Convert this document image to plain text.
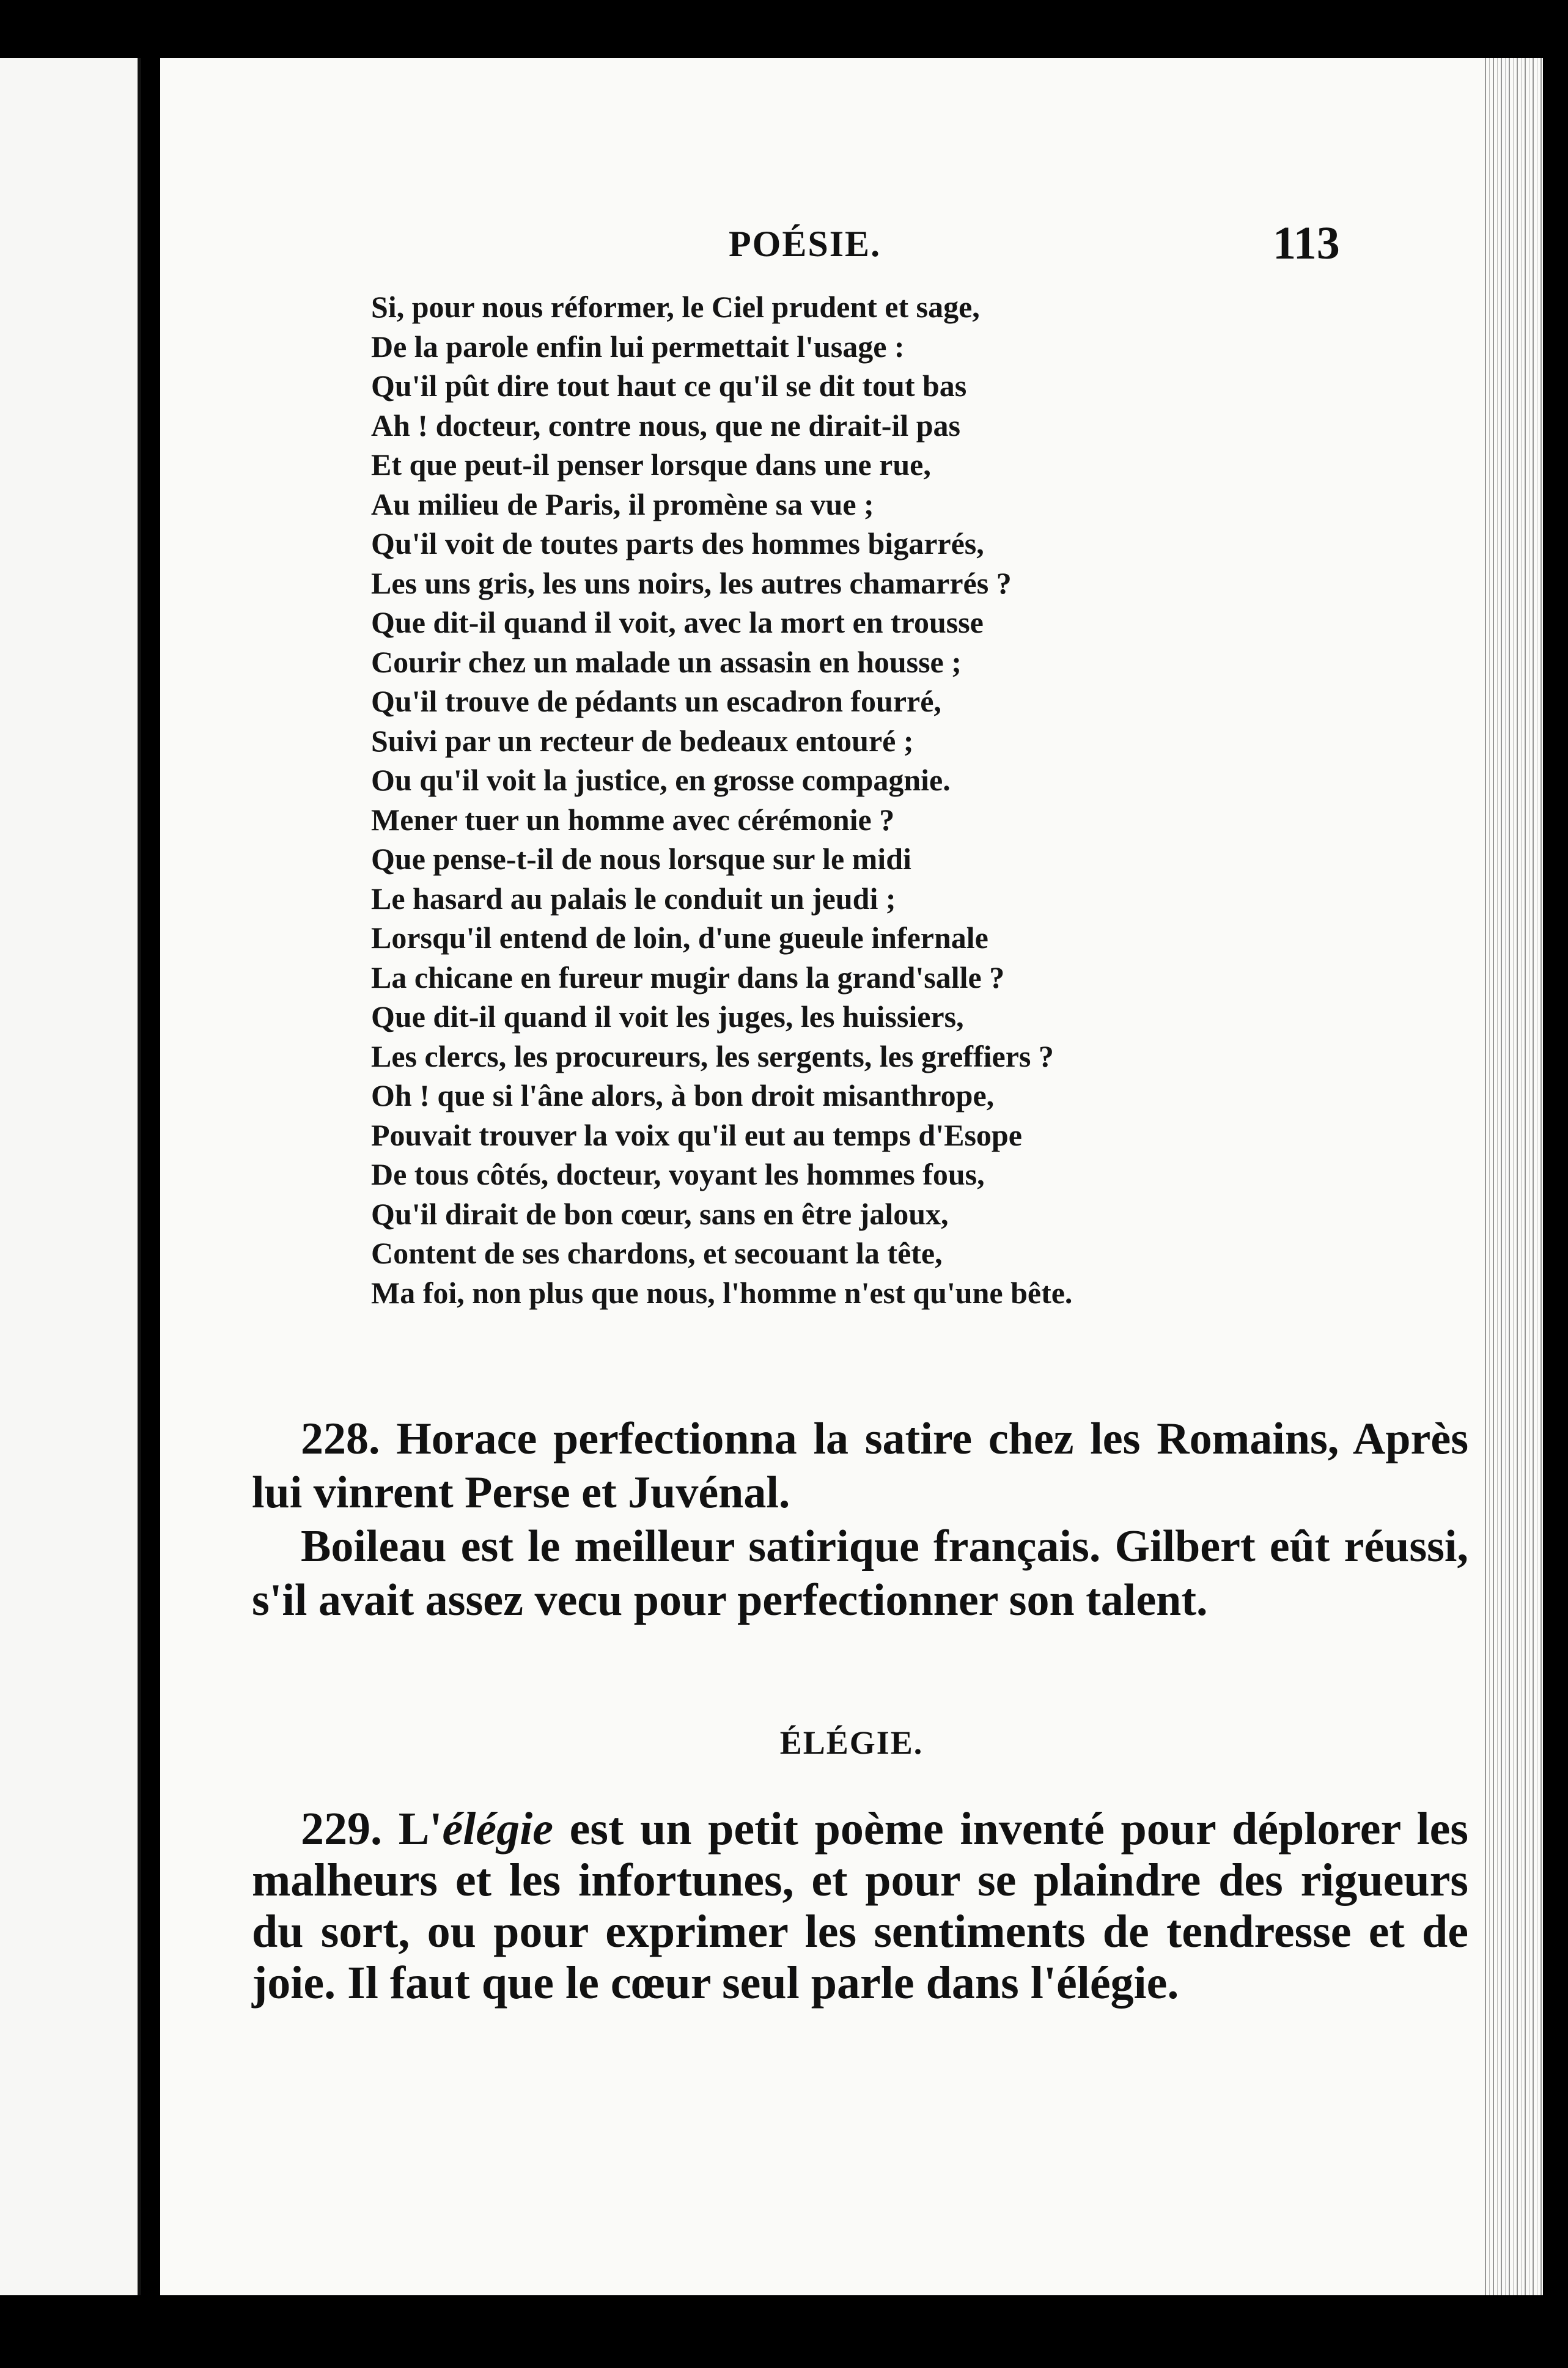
POÉSIE.	113
Si, pour nous réformer, le Ciel prudent et sage,
De la parole enfin lui permettait l'usage :
Qu'il pût dire tout haut ce qu'il se dit tout bas
Ah ! docteur, contre nous, que ne dirait-il pas
Et que peut-il penser lorsque dans une rue,
Au milieu de Paris, il promène sa vue ;
Qu'il voit de toutes parts des hommes bigarrés,
Les uns gris, les uns noirs, les autres chamarrés ?
Que dit-il quand il voit, avec la mort en trousse
Courir chez un malade un assasin en housse ;
Qu'il trouve de pédants un escadron fourré,
Suivi par un recteur de bedeaux entouré ;
Ou qu'il voit la justice, en grosse compagnie.
Mener tuer un homme avec cérémonie ?
Que pense-t-il de nous lorsque sur le midi
Le hasard au palais le conduit un jeudi ;
Lorsqu'il entend de loin, d'une gueule infernale
La chicane en fureur mugir dans la grand'salle ?
Que dit-il quand il voit les juges, les huissiers,
Les clercs, les procureurs, les sergents, les greffiers ?
Oh ! que si l'âne alors, à bon droit misanthrope,
Pouvait trouver la voix qu'il eut au temps d'Esope
De tous côtés, docteur, voyant les hommes fous,
Qu'il dirait de bon cœur, sans en être jaloux,
Content de ses chardons, et secouant la tête,
Ma foi, non plus que nous, l'homme n'est qu'une bête.

228. Horace perfectionna la satire chez les Romains, Après lui vinrent Perse et Juvénal.

Boileau est le meilleur satirique français. Gilbert eût réussi, s'il avait assez vecu pour perfectionner son talent.

ÉLÉGIE.

229. L'élégie est un petit poème inventé pour déplorer les malheurs et les infortunes, et pour se plaindre des rigueurs du sort, ou pour exprimer les sentiments de tendresse et de joie. Il faut que le cœur seul parle dans l'élégie.
